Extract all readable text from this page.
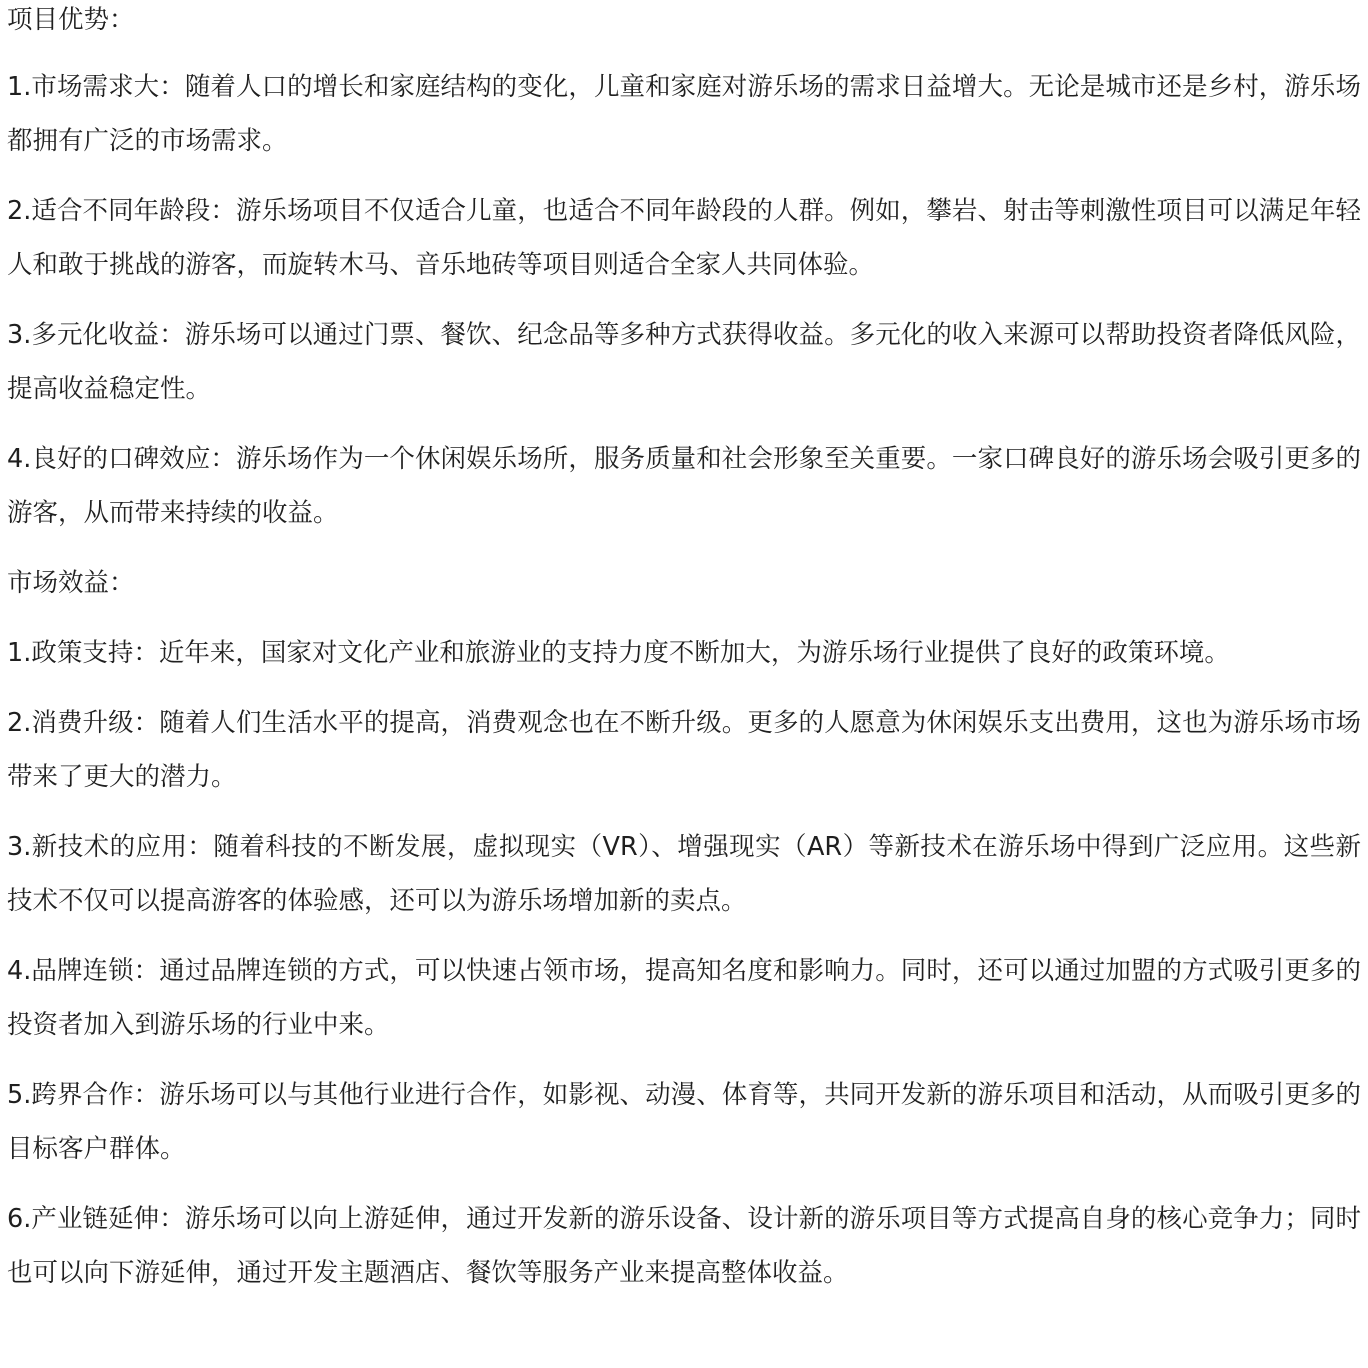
项目优势：

1.市场需求大：随着人口的增长和家庭结构的变化，儿童和家庭对游乐场的需求日益增大。无论是城市还是乡村，游乐场都拥有广泛的市场需求。

2.适合不同年龄段：游乐场项目不仅适合儿童，也适合不同年龄段的人群。例如，攀岩、射击等刺激性项目可以满足年轻人和敢于挑战的游客，而旋转木马、音乐地砖等项目则适合全家人共同体验。

3.多元化收益：游乐场可以通过门票、餐饮、纪念品等多种方式获得收益。多元化的收入来源可以帮助投资者降低风险，提高收益稳定性。

4.良好的口碑效应：游乐场作为一个休闲娱乐场所，服务质量和社会形象至关重要。一家口碑良好的游乐场会吸引更多的游客，从而带来持续的收益。

市场效益：

1.政策支持：近年来，国家对文化产业和旅游业的支持力度不断加大，为游乐场行业提供了良好的政策环境。

2.消费升级：随着人们生活水平的提高，消费观念也在不断升级。更多的人愿意为休闲娱乐支出费用，这也为游乐场市场带来了更大的潜力。

3.新技术的应用：随着科技的不断发展，虚拟现实（VR）、增强现实（AR）等新技术在游乐场中得到广泛应用。这些新技术不仅可以提高游客的体验感，还可以为游乐场增加新的卖点。

4.品牌连锁：通过品牌连锁的方式，可以快速占领市场，提高知名度和影响力。同时，还可以通过加盟的方式吸引更多的投资者加入到游乐场的行业中来。

5.跨界合作：游乐场可以与其他行业进行合作，如影视、动漫、体育等，共同开发新的游乐项目和活动，从而吸引更多的目标客户群体。

6.产业链延伸：游乐场可以向上游延伸，通过开发新的游乐设备、设计新的游乐项目等方式提高自身的核心竞争力；同时也可以向下游延伸，通过开发主题酒店、餐饮等服务产业来提高整体收益。
